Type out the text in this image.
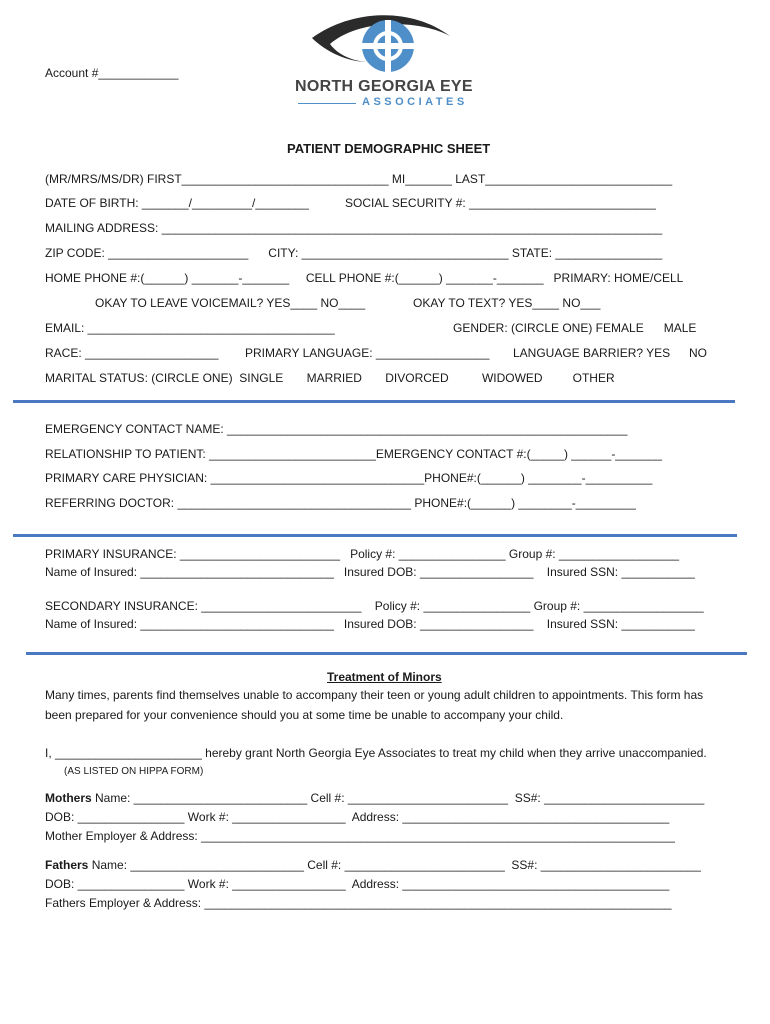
Account #____________
NORTH GEORGIA EYE
ASSOCIATES
PATIENT DEMOGRAPHIC SHEET
(MR/MRS/MS/DR) FIRST_______________________________ MI_______ LAST____________________________
DATE OF BIRTH: _______/_________/________	SOCIAL SECURITY #: ____________________________
MAILING ADDRESS: ___________________________________________________________________________
ZIP CODE: _____________________      CITY: _______________________________ STATE: ________________
HOME PHONE #:(______) _______-_______     CELL PHONE #:(______) _______-_______   PRIMARY: HOME/CELL
OKAY TO LEAVE VOICEMAIL? YES____ NO____	OKAY TO TEXT? YES____ NO___
EMAIL: _____________________________________	GENDER: (CIRCLE ONE) FEMALE      MALE
RACE: ____________________ PRIMARY LANGUAGE: _________________ LANGUAGE BARRIER? YES NO
MARITAL STATUS: (CIRCLE ONE)  SINGLE       MARRIED       DIVORCED          WIDOWED         OTHER
EMERGENCY CONTACT NAME: ____________________________________________________________
RELATIONSHIP TO PATIENT: _________________________EMERGENCY CONTACT #:(_____) ______-_______
PRIMARY CARE PHYSICIAN: ________________________________PHONE#:(______) ________-__________
REFERRING DOCTOR: ___________________________________ PHONE#:(______) ________-_________
PRIMARY INSURANCE: ________________________   Policy #: ________________ Group #: __________________
Name of Insured: _____________________________   Insured DOB: _________________    Insured SSN: ___________
SECONDARY INSURANCE: ________________________    Policy #: ________________ Group #: __________________
Name of Insured: _____________________________   Insured DOB: _________________    Insured SSN: ___________
Treatment of Minors
Many times, parents find themselves unable to accompany their teen or young adult children to appointments. This form has
been prepared for your convenience should you at some time be unable to accompany your child.
I, ______________________ hereby grant North Georgia Eye Associates to treat my child when they arrive unaccompanied.
(AS LISTED ON HIPPA FORM)
Mothers Name: __________________________ Cell #: ________________________  SS#: ________________________
DOB: ________________ Work #: _________________  Address: ________________________________________
Mother Employer & Address: _______________________________________________________________________
Fathers Name: __________________________ Cell #: ________________________  SS#: ________________________
DOB: ________________ Work #: _________________  Address: ________________________________________
Fathers Employer & Address: ______________________________________________________________________
